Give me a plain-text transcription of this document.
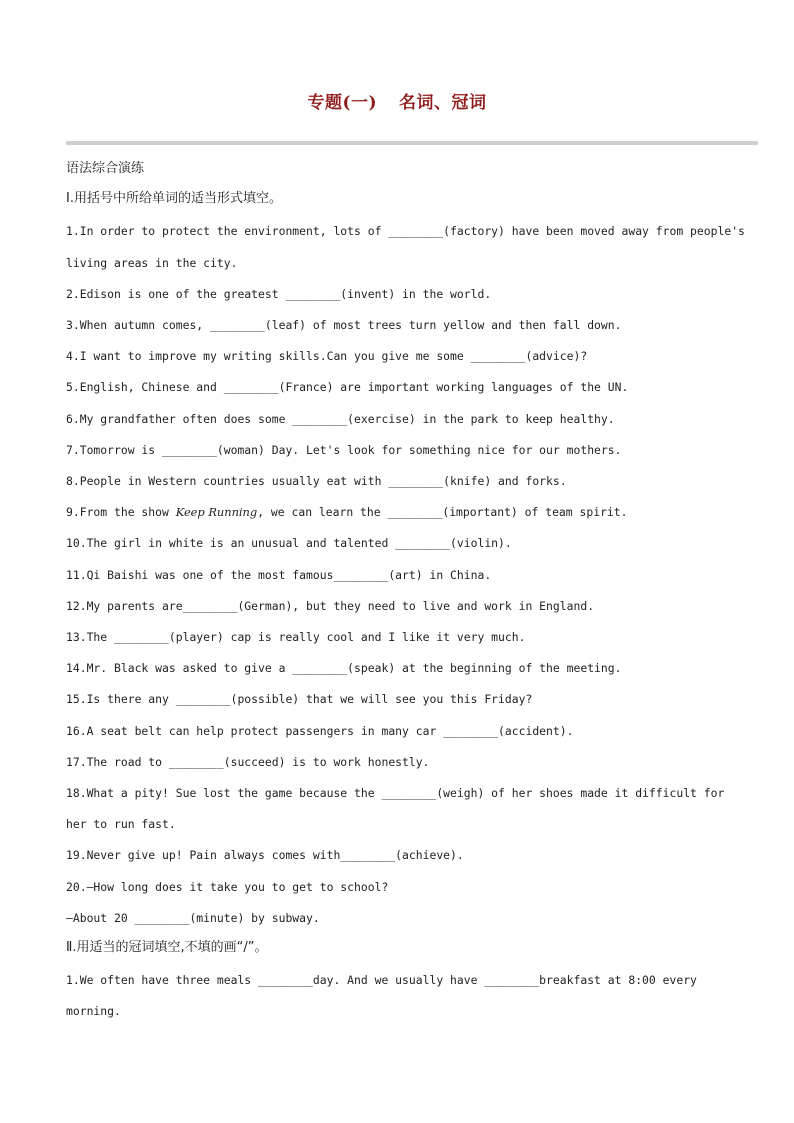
专题(一) 名词、冠词
语法综合演练
Ⅰ.用括号中所给单词的适当形式填空。
1.In order to protect the environment, lots of ________(factory) have been moved away from people's
living areas in the city.
2.Edison is one of the greatest ________(invent) in the world.
3.When autumn comes, ________(leaf) of most trees turn yellow and then fall down.
4.I want to improve my writing skills.Can you give me some ________(advice)?
5.English, Chinese and ________(France) are important working languages of the UN.
6.My grandfather often does some ________(exercise) in the park to keep healthy.
7.Tomorrow is ________(woman) Day. Let's look for something nice for our mothers.
8.People in Western countries usually eat with ________(knife) and forks.
9.From the show Keep Running, we can learn the ________(important) of team spirit.
10.The girl in white is an unusual and talented ________(violin).
11.Qi Baishi was one of the most famous________(art) in China.
12.My parents are________(German), but they need to live and work in England.
13.The ________(player) cap is really cool and I like it very much.
14.Mr. Black was asked to give a ________(speak) at the beginning of the meeting.
15.Is there any ________(possible) that we will see you this Friday?
16.A seat belt can help protect passengers in many car ________(accident).
17.The road to ________(succeed) is to work honestly.
18.What a pity! Sue lost the game because the ________(weigh) of her shoes made it difficult for
her to run fast.
19.Never give up! Pain always comes with________(achieve).
20.—How long does it take you to get to school?
—About 20 ________(minute) by subway.
Ⅱ.用适当的冠词填空,不填的画“/”。
1.We often have three meals ________day. And we usually have ________breakfast at 8:00 every
morning.
